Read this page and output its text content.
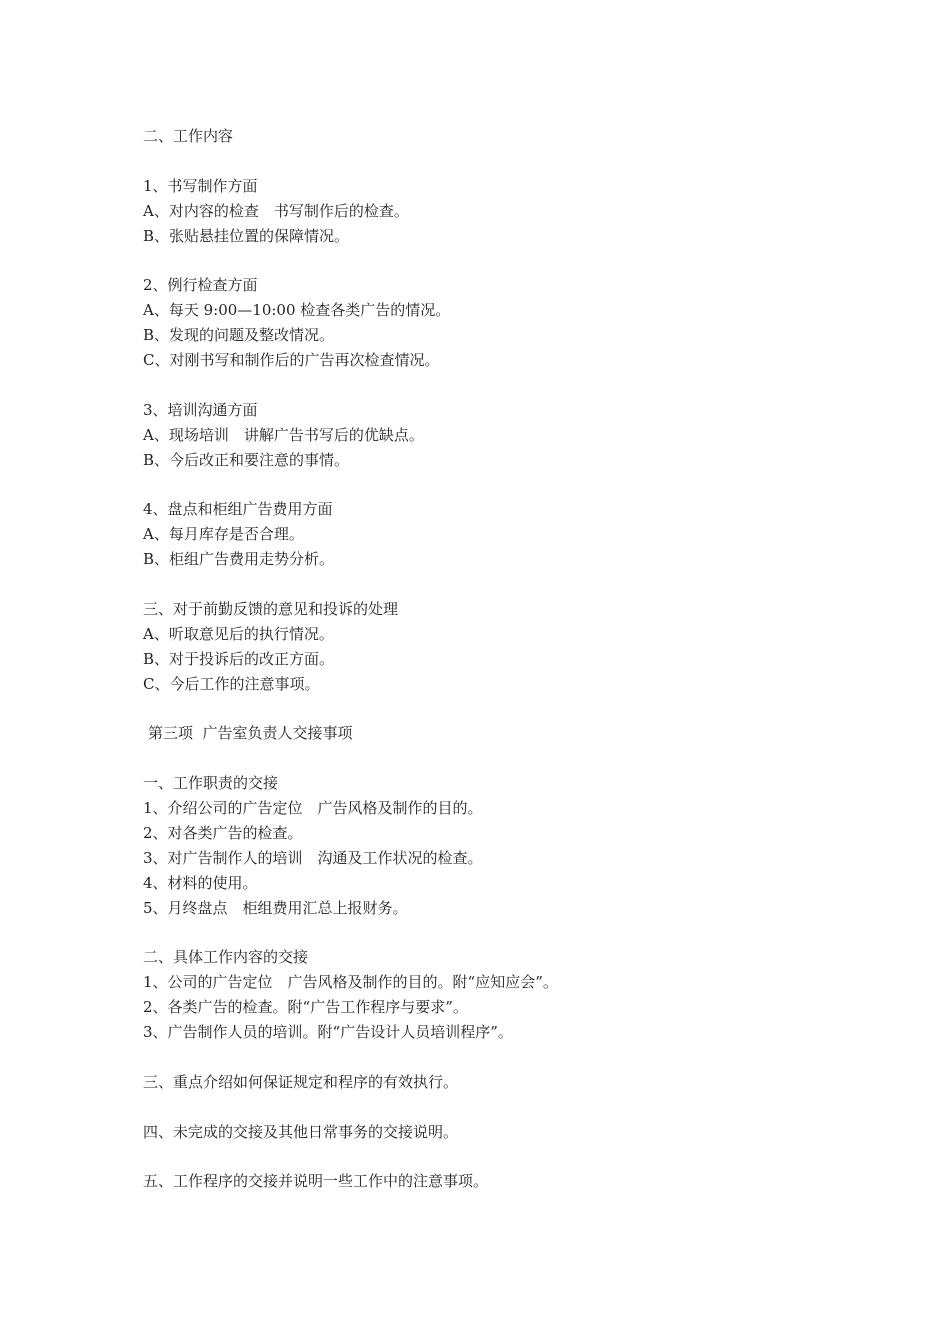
二、工作内容
1、书写制作方面
A、对内容的检查　书写制作后的检查。
B、张贴悬挂位置的保障情况。
2、例行检查方面
A、每天 9:00—10:00 检查各类广告的情况。
B、发现的问题及整改情况。
C、对刚书写和制作后的广告再次检查情况。
3、培训沟通方面
A、现场培训　讲解广告书写后的优缺点。
B、今后改正和要注意的事情。
4、盘点和柜组广告费用方面
A、每月库存是否合理。
B、柜组广告费用走势分析。
三、对于前勤反馈的意见和投诉的处理
A、听取意见后的执行情况。
B、对于投诉后的改正方面。
C、今后工作的注意事项。
第三项  广告室负责人交接事项
一、工作职责的交接
1、介绍公司的广告定位　广告风格及制作的目的。
2、对各类广告的检查。
3、对广告制作人的培训　沟通及工作状况的检查。
4、材料的使用。
5、月终盘点　柜组费用汇总上报财务。
二、具体工作内容的交接
1、公司的广告定位　广告风格及制作的目的。附“应知应会”。
2、各类广告的检查。附“广告工作程序与要求”。
3、广告制作人员的培训。附“广告设计人员培训程序”。
三、重点介绍如何保证规定和程序的有效执行。
四、未完成的交接及其他日常事务的交接说明。
五、工作程序的交接并说明一些工作中的注意事项。
